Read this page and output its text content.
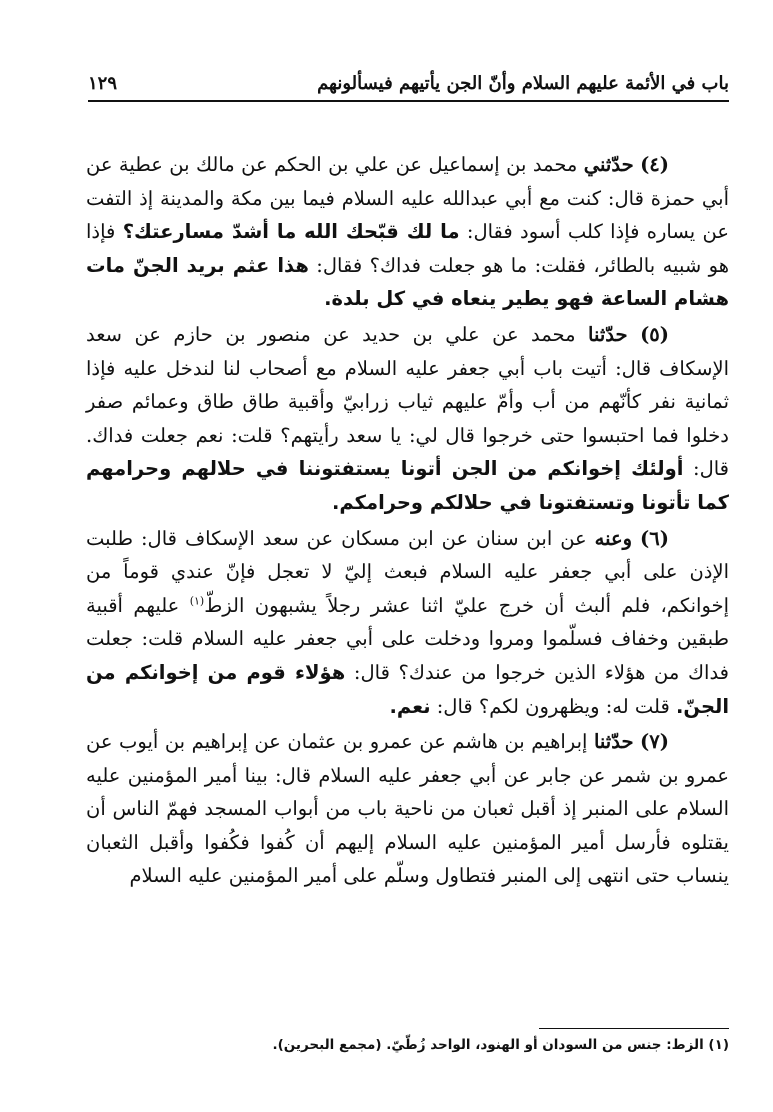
باب في الأئمة عليهم السلام وأنّ الجن يأتيهم فيسألونهم
١٢٩

(٤) حدّثني محمد بن إسماعيل عن علي بن الحكم عن مالك بن عطية عن أبي حمزة قال: كنت مع أبي عبدالله عليه السلام فيما بين مكة والمدينة إذ التفت عن يساره فإذا كلب أسود فقال: ما لك قبّحك الله ما أشدّ مسارعتك؟ فإذا هو شبيه بالطائر، فقلت: ما هو جعلت فداك؟ فقال: هذا عثم بريد الجنّ مات هشام الساعة فهو يطير ينعاه في كل بلدة.

(٥) حدّثنا محمد عن علي بن حديد عن منصور بن حازم عن سعد الإسكاف قال: أتيت باب أبي جعفر عليه السلام مع أصحاب لنا لندخل عليه فإذا ثمانية نفر كأنّهم من أب وأمّ عليهم ثياب زرابيّ وأقبية طاق طاق وعمائم صفر دخلوا فما احتبسوا حتى خرجوا قال لي: يا سعد رأيتهم؟ قلت: نعم جعلت فداك. قال: أولئك إخوانكم من الجن أتونا يستفتوننا في حلالهم وحرامهم كما تأتونا وتستفتونا في حلالكم وحرامكم.

(٦) وعنه عن ابن سنان عن ابن مسكان عن سعد الإسكاف قال: طلبت الإذن على أبي جعفر عليه السلام فبعث إليّ لا تعجل فإنّ عندي قوماً من إخوانكم، فلم ألبث أن خرج عليّ اثنا عشر رجلاً يشبهون الزطّ$^{(١)}$ عليهم أقبية طبقين وخفاف فسلّموا ومروا ودخلت على أبي جعفر عليه السلام قلت: جعلت فداك من هؤلاء الذين خرجوا من عندك؟ قال: هؤلاء قوم من إخوانكم من الجنّ. قلت له: ويظهرون لكم؟ قال: نعم.

(٧) حدّثنا إبراهيم بن هاشم عن عمرو بن عثمان عن إبراهيم بن أيوب عن عمرو بن شمر عن جابر عن أبي جعفر عليه السلام قال: بينا أمير المؤمنين عليه السلام على المنبر إذ أقبل ثعبان من ناحية باب من أبواب المسجد فهمّ الناس أن يقتلوه فأرسل أمير المؤمنين عليه السلام إليهم أن كُفوا فكُفوا وأقبل الثعبان ينساب حتى انتهى إلى المنبر فتطاول وسلّم على أمير المؤمنين عليه السلام

(١) الزط: جنس من السودان أو الهنود، الواحد زُطّيّ. (مجمع البحرين).
